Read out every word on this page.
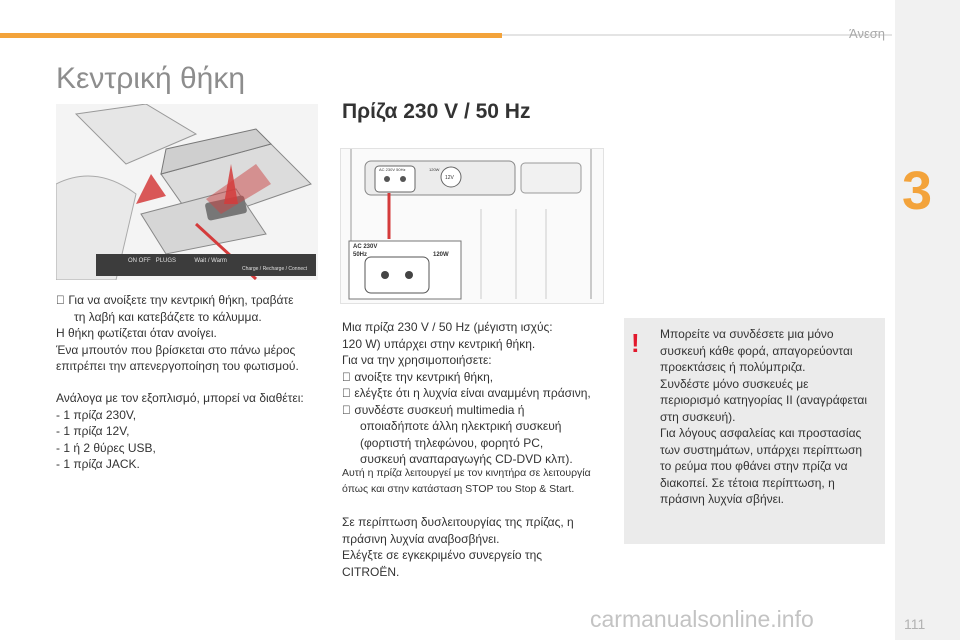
Άνεση
3
Κεντρική θήκη
Πρίζα 230 V / 50 Hz
ON OFF PLUGS	Wait / Warm
Charge / Recharge / Connect
AC 230V 50Hz	120W
12V
AC 230V
50Hz	120W
Για να ανοίξετε την κεντρική θήκη, τραβάτε
τη λαβή και κατεβάζετε το κάλυμμα.
Η θήκη φωτίζεται όταν ανοίγει.
Ένα μπουτόν που βρίσκεται στο πάνω μέρος
επιτρέπει την απενεργοποίηση του φωτισμού.
Ανάλογα με τον εξοπλισμό, μπορεί να διαθέτει:
- 1 πρίζα 230V,
- 1 πρίζα 12V,
- 1 ή 2 θύρες USB,
- 1 πρίζα JACK.
Μια πρίζα 230 V / 50 Hz (μέγιστη ισχύς:
120 W) υπάρχει στην κεντρική θήκη.
Για να την χρησιμοποιήσετε:
ανοίξτε την κεντρική θήκη,
ελέγξτε ότι η λυχνία είναι αναμμένη πράσινη,
συνδέστε συσκευή multimedia ή
οποιαδήποτε άλλη ηλεκτρική συσκευή
(φορτιστή τηλεφώνου, φορητό PC,
συσκευή αναπαραγωγής CD-DVD κλπ).
Αυτή η πρίζα λειτουργεί με τον κινητήρα σε λειτουργία
όπως και στην κατάσταση STOP του Stop & Start.
Σε περίπτωση δυσλειτουργίας της πρίζας, η
πράσινη λυχνία αναβοσβήνει.
Ελέγξτε σε εγκεκριμένο συνεργείο της
CITROËN.
! Μπορείτε να συνδέσετε μια μόνο
συσκευή κάθε φορά, απαγορεύονται
προεκτάσεις ή πολύμπριζα.
Συνδέστε μόνο συσκευές με
περιορισμό κατηγορίας II (αναγράφεται
στη συσκευή).
Για λόγους ασφαλείας και προστασίας
των συστημάτων, υπάρχει περίπτωση
το ρεύμα που φθάνει στην πρίζα να
διακοπεί. Σε τέτοια περίπτωση, η
πράσινη λυχνία σβήνει.
carmanualsonline.info	111
